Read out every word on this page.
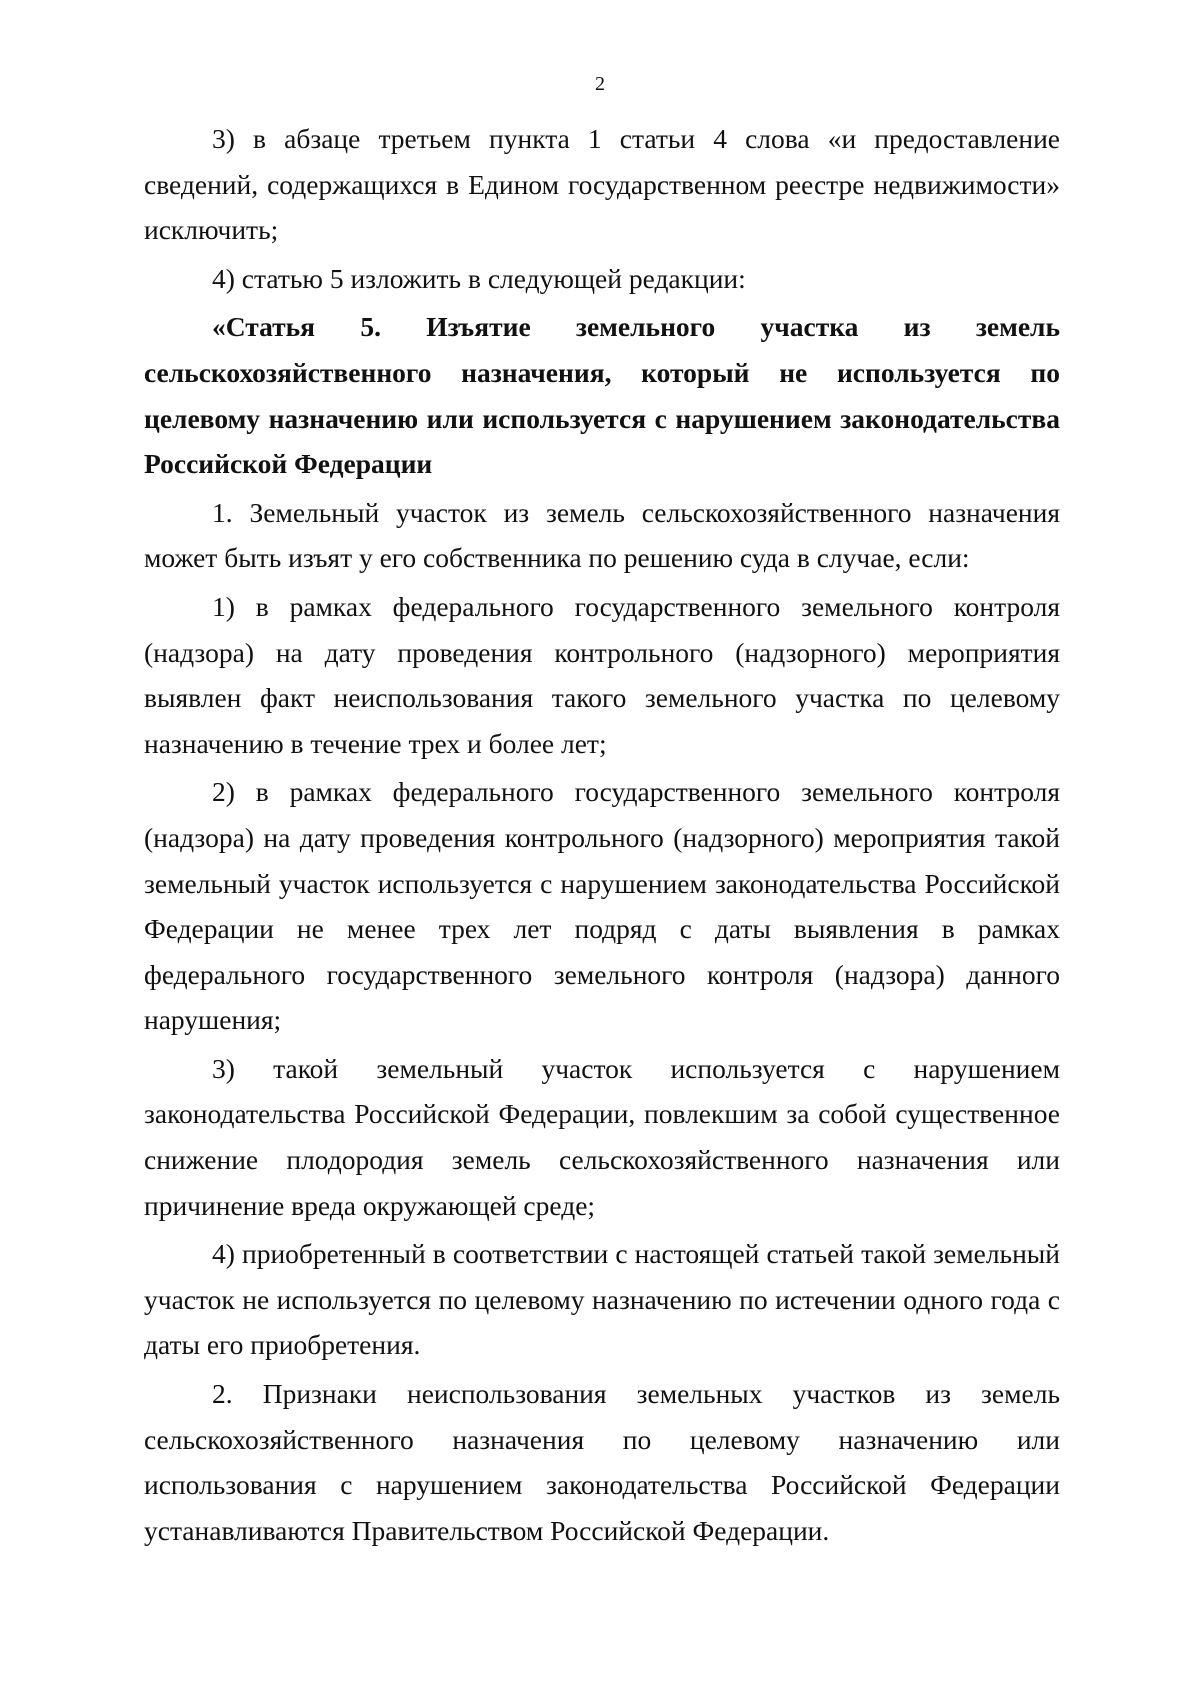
2

3) в абзаце третьем пункта 1 статьи 4 слова «и предоставление сведений, содержащихся в Едином государственном реестре недвижимости» исключить;

4) статью 5 изложить в следующей редакции:

«Статья 5. Изъятие земельного участка из земель сельскохозяйственного назначения, который не используется по целевому назначению или используется с нарушением законодательства Российской Федерации

1. Земельный участок из земель сельскохозяйственного назначения может быть изъят у его собственника по решению суда в случае, если:

1) в рамках федерального государственного земельного контроля (надзора) на дату проведения контрольного (надзорного) мероприятия выявлен факт неиспользования такого земельного участка по целевому назначению в течение трех и более лет;

2) в рамках федерального государственного земельного контроля (надзора) на дату проведения контрольного (надзорного) мероприятия такой земельный участок используется с нарушением законодательства Российской Федерации не менее трех лет подряд с даты выявления в рамках федерального государственного земельного контроля (надзора) данного нарушения;

3) такой земельный участок используется с нарушением законодательства Российской Федерации, повлекшим за собой существенное снижение плодородия земель сельскохозяйственного назначения или причинение вреда окружающей среде;

4) приобретенный в соответствии с настоящей статьей такой земельный участок не используется по целевому назначению по истечении одного года с даты его приобретения.

2. Признаки неиспользования земельных участков из земель сельскохозяйственного назначения по целевому назначению или использования с нарушением законодательства Российской Федерации устанавливаются Правительством Российской Федерации.
